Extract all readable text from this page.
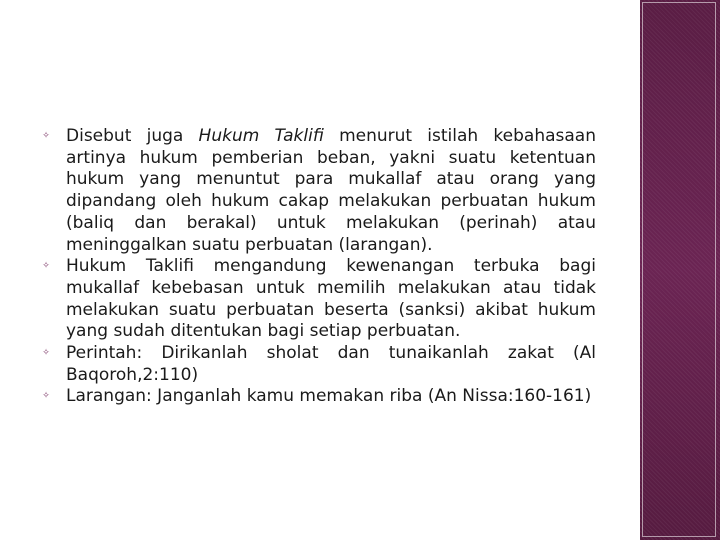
✧ Disebut juga Hukum Taklifi menurut istilah kebahasaan artinya hukum pemberian beban, yakni suatu ketentuan hukum yang menuntut para mukallaf atau orang yang dipandang oleh hukum cakap melakukan perbuatan hukum (baliq dan berakal) untuk melakukan (perinah) atau meninggalkan suatu perbuatan (larangan).
✧ Hukum Taklifi mengandung kewenangan terbuka bagi mukallaf kebebasan untuk memilih melakukan atau tidak melakukan suatu perbuatan beserta (sanksi) akibat hukum yang sudah ditentukan bagi setiap perbuatan.
✧ Perintah: Dirikanlah sholat dan tunaikanlah zakat (Al Baqoroh,2:110)
✧ Larangan: Janganlah kamu memakan riba (An Nissa:160-161)
